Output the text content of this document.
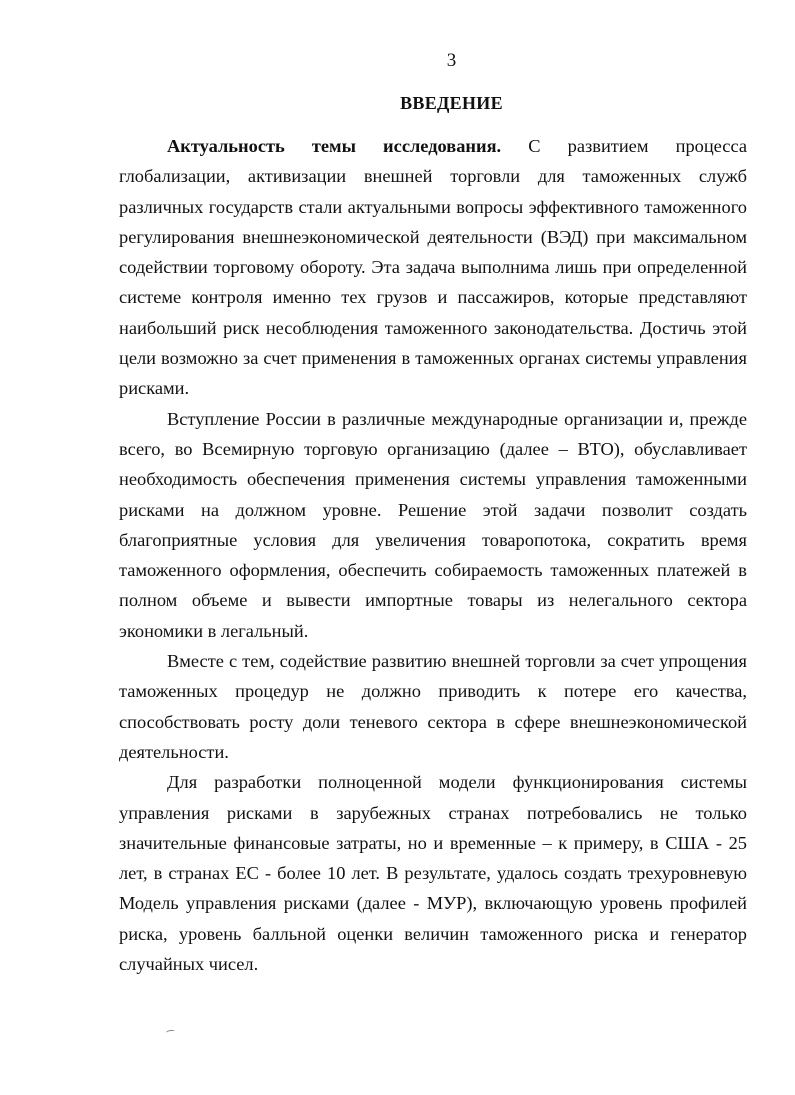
3
ВВЕДЕНИЕ

Актуальность темы исследования. С развитием процесса глобализации, активизации внешней торговли для таможенных служб различных государств стали актуальными вопросы эффективного таможенного регулирования внешнеэкономической деятельности (ВЭД) при максимальном содействии торговому обороту. Эта задача выполнима лишь при определенной системе контроля именно тех грузов и пассажиров, которые представляют наибольший риск несоблюдения таможенного законодательства. Достичь этой цели возможно за счет применения в таможенных органах системы управления рисками.

Вступление России в различные международные организации и, прежде всего, во Всемирную торговую организацию (далее – ВТО), обуславливает необходимость обеспечения применения системы управления таможенными рисками на должном уровне. Решение этой задачи позволит создать благоприятные условия для увеличения товаропотока, сократить время таможенного оформления, обеспечить собираемость таможенных платежей в полном объеме и вывести импортные товары из нелегального сектора экономики в легальный.

Вместе с тем, содействие развитию внешней торговли за счет упрощения таможенных процедур не должно приводить к потере его качества, способствовать росту доли теневого сектора в сфере внешнеэкономической деятельности.

Для разработки полноценной модели функционирования системы управления рисками в зарубежных странах потребовались не только значительные финансовые затраты, но и временные – к примеру, в США - 25 лет, в странах ЕС - более 10 лет. В результате, удалось создать трехуровневую Модель управления рисками (далее - МУР), включающую уровень профилей риска, уровень балльной оценки величин таможенного риска и генератор случайных чисел.
